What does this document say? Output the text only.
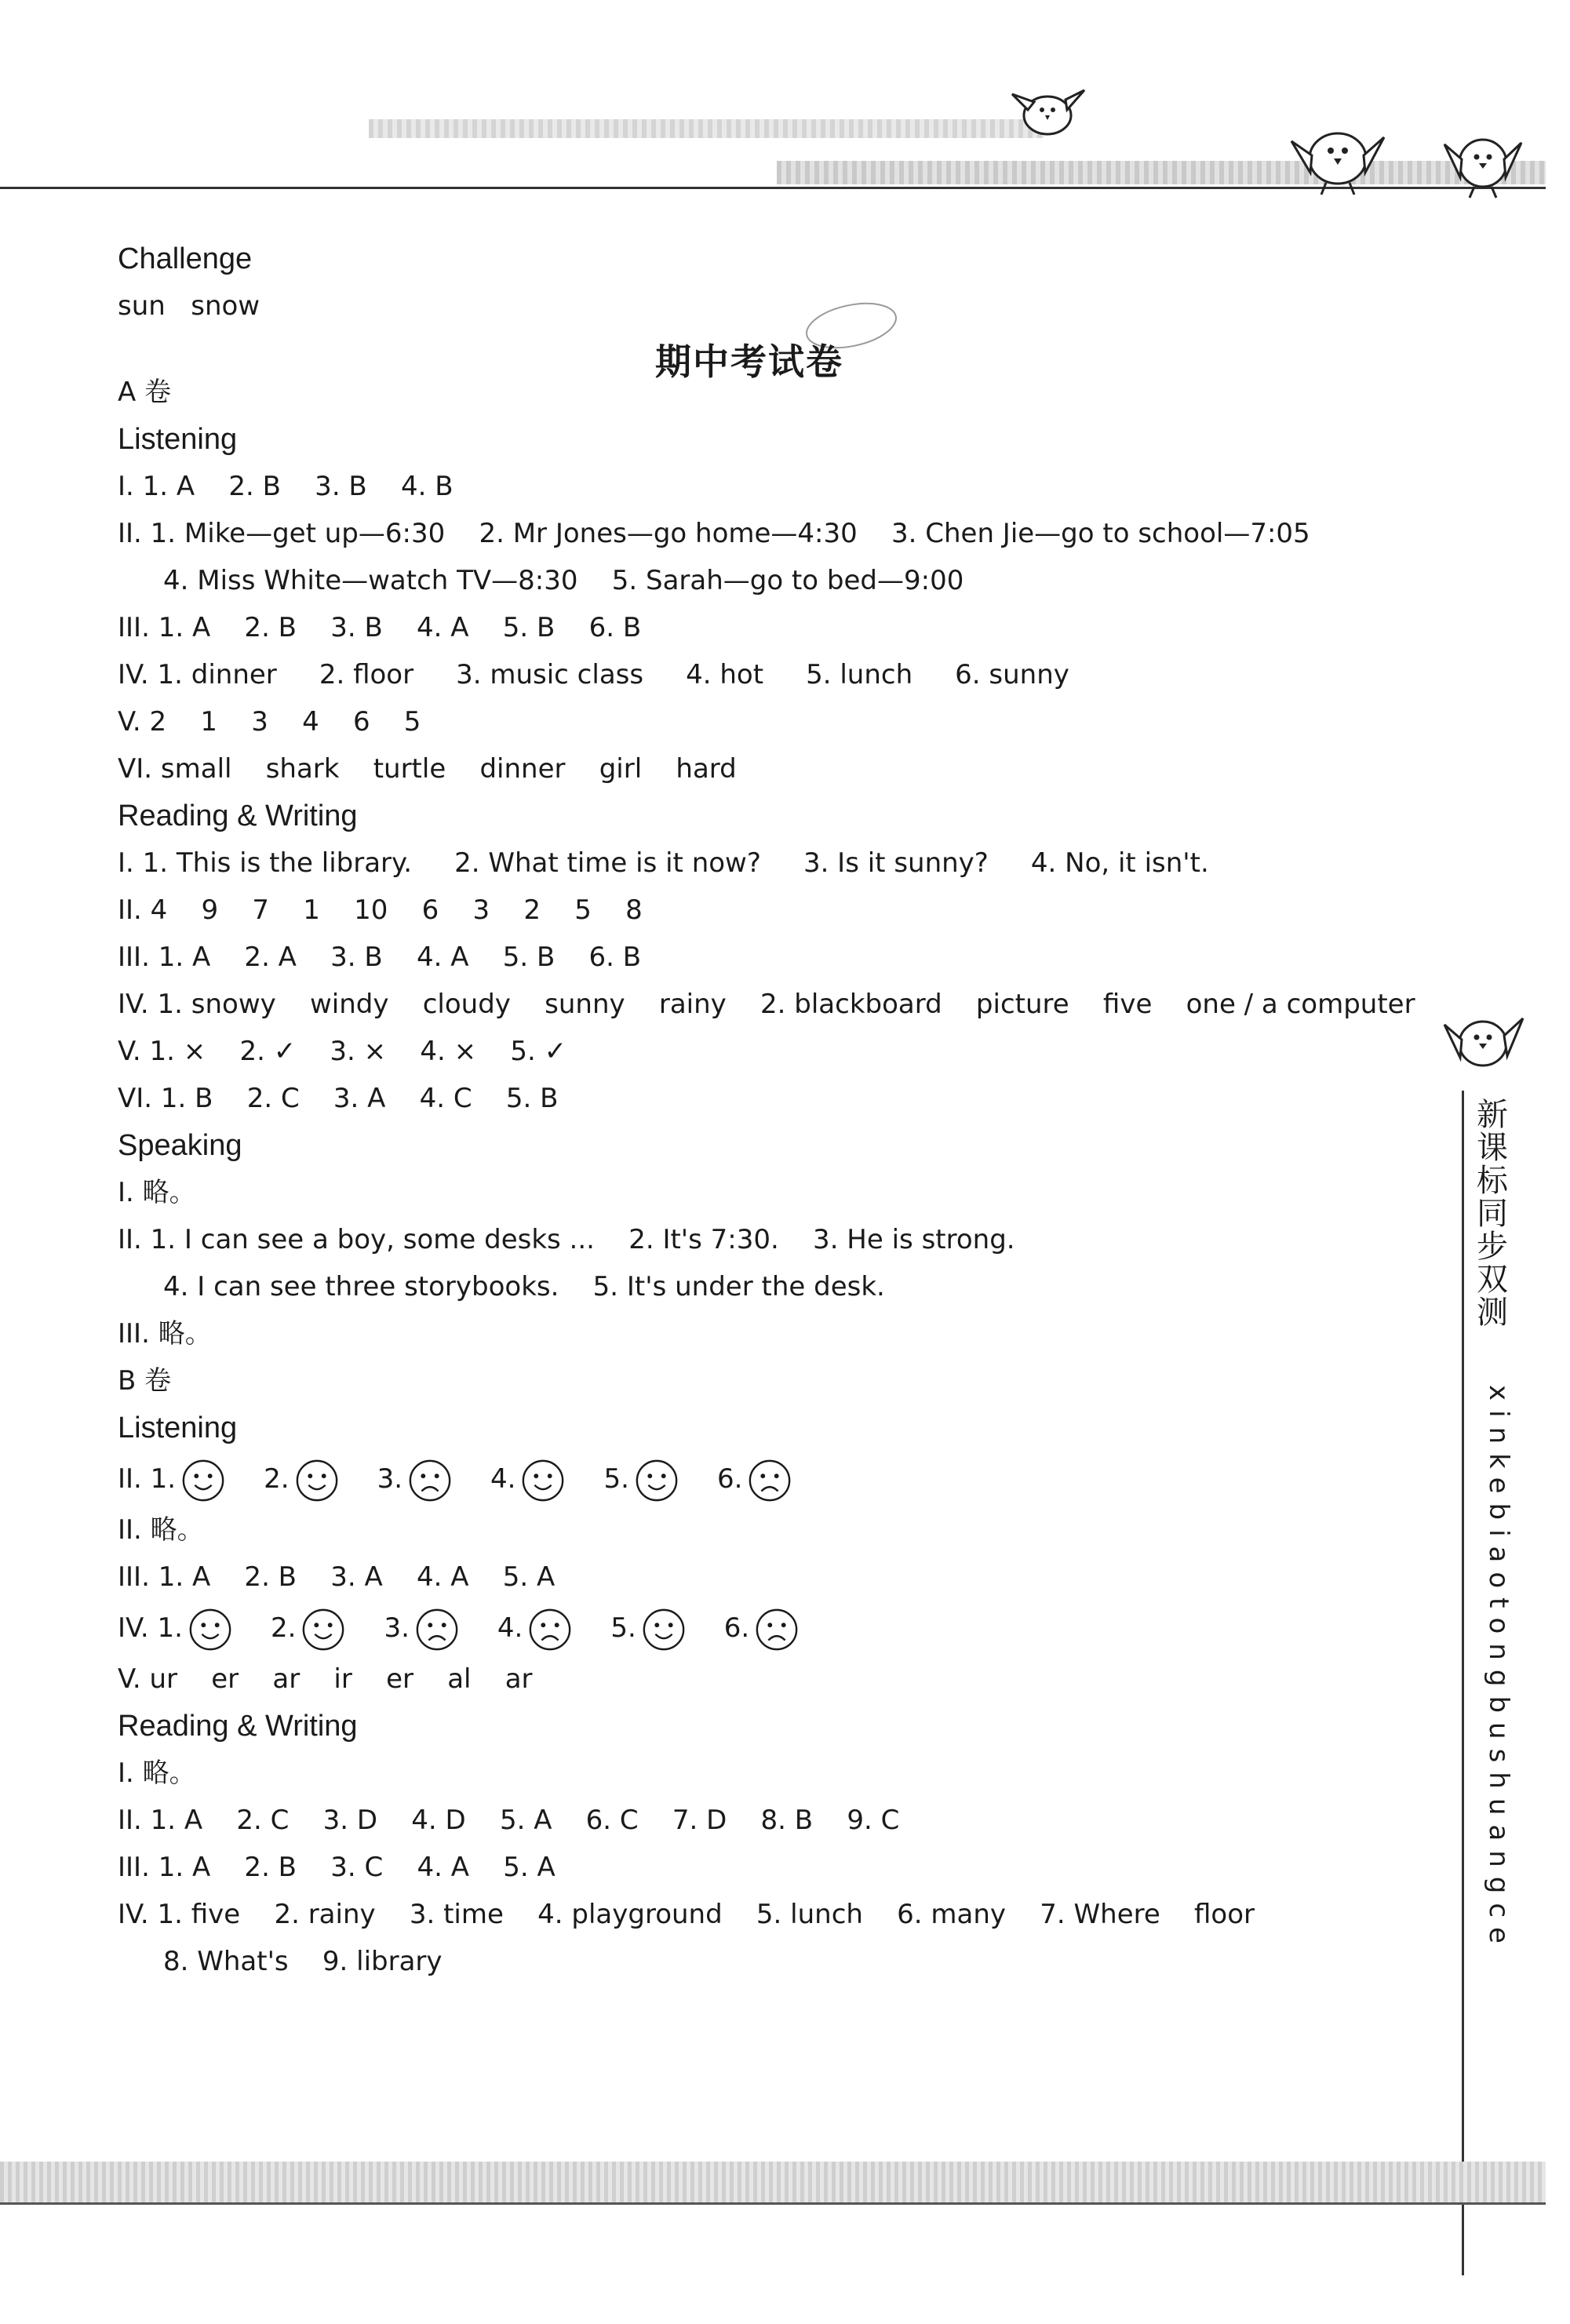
新课标同步双测
xinkebiaotongbushuangce
期中考试卷
Challenge
sun   snow
A 卷
Listening
I. 1. A    2. B    3. B    4. B
II. 1. Mike—get up—6:30    2. Mr Jones—go home—4:30    3. Chen Jie—go to school—7:05
4. Miss White—watch TV—8:30    5. Sarah—go to bed—9:00
III. 1. A    2. B    3. B    4. A    5. B    6. B
IV. 1. dinner     2. floor     3. music class     4. hot     5. lunch     6. sunny
V. 2    1    3    4    6    5
VI. small    shark    turtle    dinner    girl    hard
Reading & Writing
I. 1. This is the library.     2. What time is it now?     3. Is it sunny?     4. No, it isn't.
II. 4    9    7    1    10    6    3    2    5    8
III. 1. A    2. A    3. B    4. A    5. B    6. B
IV. 1. snowy    windy    cloudy    sunny    rainy    2. blackboard    picture    five    one / a computer
V. 1. ×    2. ✓    3. ×    4. ×    5. ✓
VI. 1. B    2. C    3. A    4. C    5. B
Speaking
I. 略。
II. 1. I can see a boy, some desks ...    2. It's 7:30.    3. He is strong.
4. I can see three storybooks.    5. It's under the desk.
III. 略。
B 卷
Listening
II. 1.	2.	3.	4.	5.	6.
II. 略。
III. 1. A    2. B    3. A    4. A    5. A
IV. 1.	2.	3.	4.	5.	6.
V. ur    er    ar    ir    er    al    ar
Reading & Writing
I. 略。
II. 1. A    2. C    3. D    4. D    5. A    6. C    7. D    8. B    9. C
III. 1. A    2. B    3. C    4. A    5. A
IV. 1. five    2. rainy    3. time    4. playground    5. lunch    6. many    7. Where    floor
8. What's    9. library
